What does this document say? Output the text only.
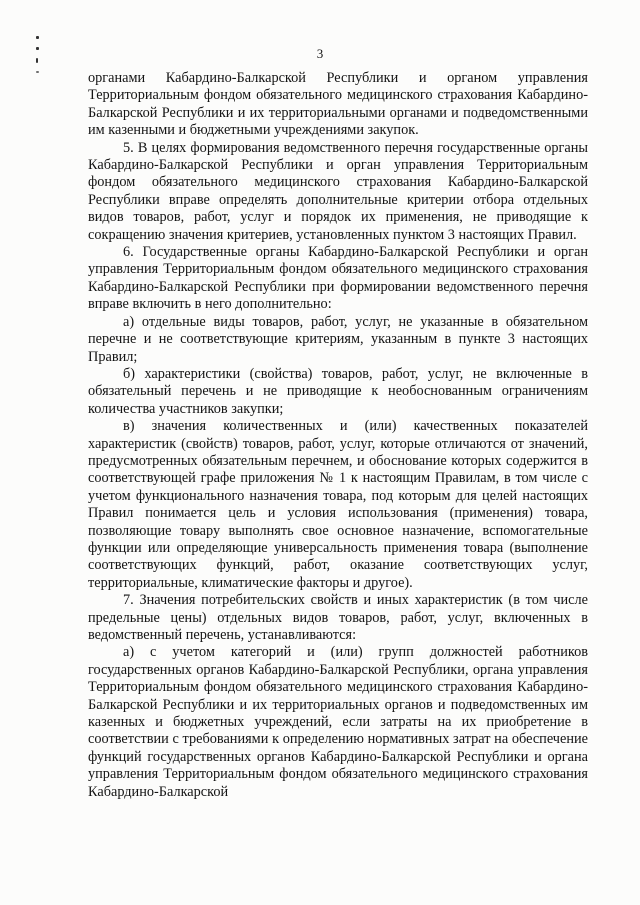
3

органами Кабардино-Балкарской Республики и органом управления Территориальным фондом обязательного медицинского страхования Кабардино-Балкарской Республики и их территориальными органами и подведомственными им казенными и бюджетными учреждениями закупок.

5. В целях формирования ведомственного перечня государственные органы Кабардино-Балкарской Республики и орган управления Территориальным фондом обязательного медицинского страхования Кабардино-Балкарской Республики вправе определять дополнительные критерии отбора отдельных видов товаров, работ, услуг и порядок их применения, не приводящие к сокращению значения критериев, установленных пунктом 3 настоящих Правил.

6. Государственные органы Кабардино-Балкарской Республики и орган управления Территориальным фондом обязательного медицинского страхования Кабардино-Балкарской Республики при формировании ведомственного перечня вправе включить в него дополнительно:

а) отдельные виды товаров, работ, услуг, не указанные в обязательном перечне и не соответствующие критериям, указанным в пункте 3 настоящих Правил;

б) характеристики (свойства) товаров, работ, услуг, не включенные в обязательный перечень и не приводящие к необоснованным ограничениям количества участников закупки;

в) значения количественных и (или) качественных показателей характеристик (свойств) товаров, работ, услуг, которые отличаются от значений, предусмотренных обязательным перечнем, и обоснование которых содержится в соответствующей графе приложения № 1 к настоящим Правилам, в том числе с учетом функционального назначения товара, под которым для целей настоящих Правил понимается цель и условия использования (применения) товара, позволяющие товару выполнять свое основное назначение, вспомогательные функции или определяющие универсальность применения товара (выполнение соответствующих функций, работ, оказание соответствующих услуг, территориальные, климатические факторы и другое).

7. Значения потребительских свойств и иных характеристик (в том числе предельные цены) отдельных видов товаров, работ, услуг, включенных в ведомственный перечень, устанавливаются:

а) с учетом категорий и (или) групп должностей работников государственных органов Кабардино-Балкарской Республики, органа управления Территориальным фондом обязательного медицинского страхования Кабардино-Балкарской Республики и их территориальных органов и подведомственных им казенных и бюджетных учреждений, если затраты на их приобретение в соответствии с требованиями к определению нормативных затрат на обеспечение функций государственных органов Кабардино-Балкарской Республики и органа управления Территориальным фондом обязательного медицинского страхования Кабардино-Балкарской
